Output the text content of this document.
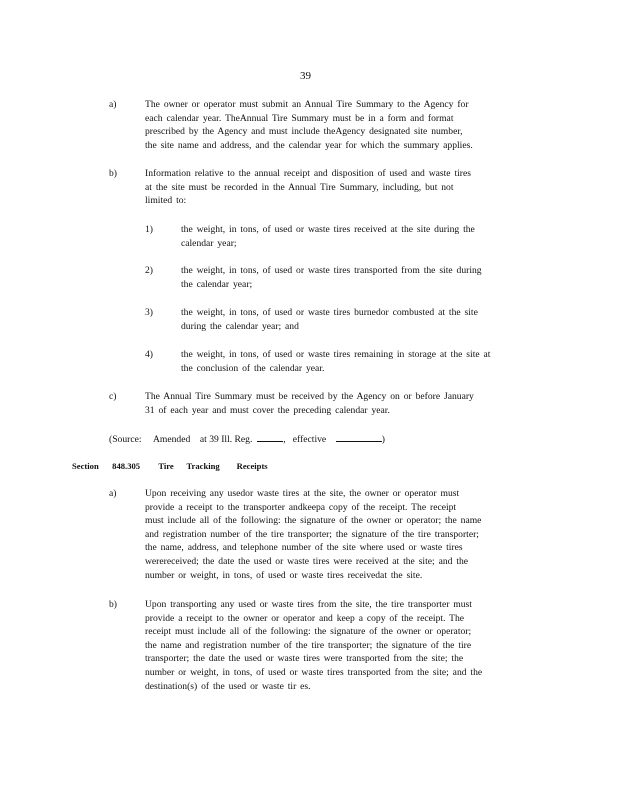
39
a)	The owner or operator must submit an Annual Tire Summary to the Agency for
each calendar year. TheAnnual Tire Summary must be in a form and format
prescribed by the Agency and must include theAgency designated site number,
the site name and address, and the calendar year for which the summary applies.
b)	Information relative to the annual receipt and disposition of used and waste tires
at the site must be recorded in the Annual Tire Summary, including, but not
limited to:
1)	the weight, in tons, of used or waste tires received at the site during the
calendar year;
2)	the weight, in tons, of used or waste tires transported from the site during
the calendar year;
3)	the weight, in tons, of used or waste tires burnedor combusted at the site
during the calendar year; and
4)	the weight, in tons, of used or waste tires remaining in storage at the site at
the conclusion of the calendar year.
c)	The Annual Tire Summary must be received by the Agency on or before January
31 of each year and must cover the preceding calendar year.
(Source: Amended at 39 Ill. Reg.	, effective	)
Section 848.305 Tire Tracking Receipts
a)	Upon receiving any usedor waste tires at the site, the owner or operator must
provide a receipt to the transporter andkeepa copy of the receipt. The receipt
must include all of the following: the signature of the owner or operator; the name
and registration number of the tire transporter; the signature of the tire transporter;
the name, address, and telephone number of the site where used or waste tires
werereceived; the date the used or waste tires were received at the site; and the
number or weight, in tons, of used or waste tires receivedat the site.
b)	Upon transporting any used or waste tires from the site, the tire transporter must
provide a receipt to the owner or operator and keep a copy of the receipt. The
receipt must include all of the following: the signature of the owner or operator;
the name and registration number of the tire transporter; the signature of the tire
transporter; the date the used or waste tires were transported from the site; the
number or weight, in tons, of used or waste tires transported from the site; and the
destination(s) of the used or waste tir es.
